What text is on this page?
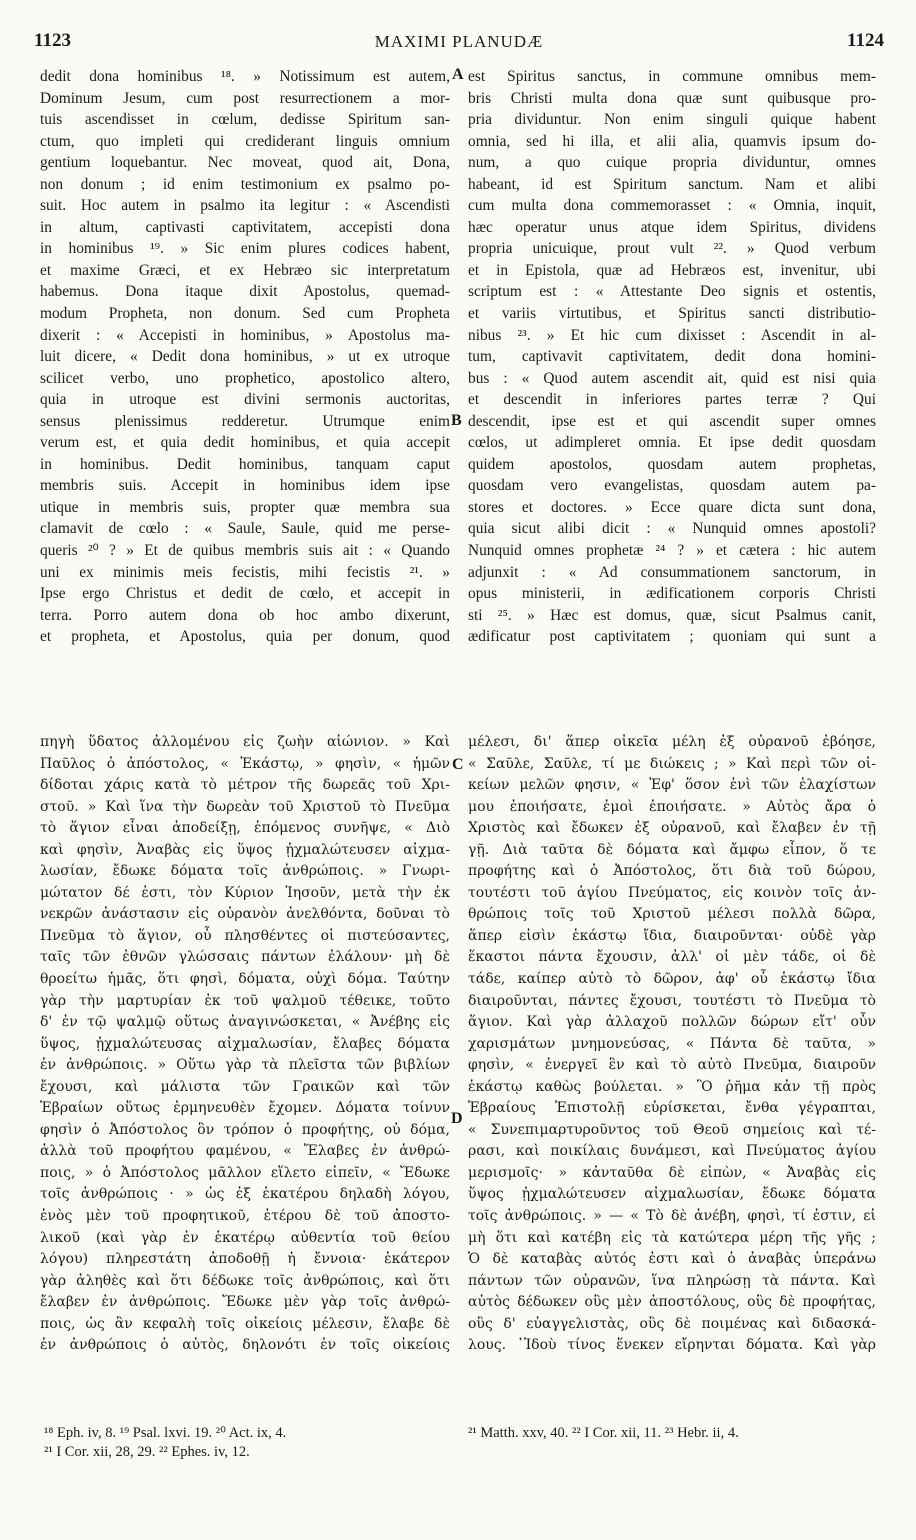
1123	MAXIMI PLANUDÆ	1124
dedit dona hominibus ¹⁸. » Notissimum est autem,
Dominum Jesum, cum post resurrectionem a mor-
tuis ascendisset in cœlum, dedisse Spiritum san-
ctum, quo impleti qui crediderant linguis omnium
gentium loquebantur. Nec moveat, quod ait, Dona,
non donum ; id enim testimonium ex psalmo po-
suit. Hoc autem in psalmo ita legitur : « Ascendisti
in altum, captivasti captivitatem, accepisti dona
in hominibus ¹⁹. » Sic enim plures codices habent,
et maxime Græci, et ex Hebræo sic interpretatum
habemus. Dona itaque dixit Apostolus, quemad-
modum Propheta, non donum. Sed cum Propheta
dixerit : « Accepisti in hominibus, » Apostolus ma-
luit dicere, « Dedit dona hominibus, » ut ex utroque
scilicet verbo, uno prophetico, apostolico altero,
quia in utroque est divini sermonis auctoritas,
sensus plenissimus redderetur. Utrumque enim
verum est, et quia dedit hominibus, et quia accepit
in hominibus. Dedit hominibus, tanquam caput
membris suis. Accepit in hominibus idem ipse
utique in membris suis, propter quæ membra sua
clamavit de cœlo : « Saule, Saule, quid me perse-
queris ²⁰ ? » Et de quibus membris suis ait : « Quando
uni ex minimis meis fecistis, mihi fecistis ²¹. »
Ipse ergo Christus et dedit de cœlo, et accepit in
terra. Porro autem dona ob hoc ambo dixerunt,
et propheta, et Apostolus, quia per donum, quod
est Spiritus sanctus, in commune omnibus mem-
bris Christi multa dona quæ sunt quibusque pro-
pria dividuntur. Non enim singuli quique habent
omnia, sed hi illa, et alii alia, quamvis ipsum do-
num, a quo cuique propria dividuntur, omnes
habeant, id est Spiritum sanctum. Nam et alibi
cum multa dona commemorasset : « Omnia, inquit,
hæc operatur unus atque idem Spiritus, dividens
propria unicuique, prout vult ²². » Quod verbum
et in Epistola, quæ ad Hebræos est, invenitur, ubi
scriptum est : « Attestante Deo signis et ostentis,
et variis virtutibus, et Spiritus sancti distributio-
nibus ²³. » Et hic cum dixisset : Ascendit in al-
tum, captivavit captivitatem, dedit dona homini-
bus : « Quod autem ascendit ait, quid est nisi quia
et descendit in inferiores partes terræ ? Qui
descendit, ipse est et qui ascendit super omnes
cœlos, ut adimpleret omnia. Et ipse dedit quosdam
quidem apostolos, quosdam autem prophetas,
quosdam vero evangelistas, quosdam autem pa-
stores et doctores. » Ecce quare dicta sunt dona,
quia sicut alibi dicit : « Nunquid omnes apostoli?
Nunquid omnes prophetæ ²⁴ ? » et cætera : hic autem
adjunxit : « Ad consummationem sanctorum, in
opus ministerii, in ædificationem corporis Christi
sti ²⁵. » Hæc est domus, quæ, sicut Psalmus canit,
ædificatur post captivitatem ; quoniam qui sunt a
A
B
C
D
πηγὴ ὕδατος ἀλλομένου εἰς ζωὴν αἰώνιον. » Καὶ
Παῦλος ὁ ἀπόστολος, « Ἑκάστῳ, » φησὶν, « ἡμῶν
δίδοται χάρις κατὰ τὸ μέτρον τῆς δωρεᾶς τοῦ Χρι-
στοῦ. » Καὶ ἵνα τὴν δωρεὰν τοῦ Χριστοῦ τὸ Πνεῦμα
τὸ ἅγιον εἶναι ἀποδείξῃ, ἑπόμενος συνῆψε, « Διὸ
καὶ φησὶν, Ἀναβὰς εἰς ὕψος ᾐχμαλώτευσεν αἰχμα-
λωσίαν, ἔδωκε δόματα τοῖς ἀνθρώποις. » Γνωρι-
μώτατον δέ ἐστι, τὸν Κύριον Ἰησοῦν, μετὰ τὴν ἐκ
νεκρῶν ἀνάστασιν εἰς οὐρανὸν ἀνελθόντα, δοῦναι τὸ
Πνεῦμα τὸ ἅγιον, οὗ πλησθέντες οἱ πιστεύσαντες,
ταῖς τῶν ἐθνῶν γλώσσαις πάντων ἐλάλουν· μὴ δὲ
θροείτω ἡμᾶς, ὅτι φησὶ, δόματα, οὐχὶ δόμα. Ταύτην
γὰρ τὴν μαρτυρίαν ἐκ τοῦ ψαλμοῦ τέθεικε, τοῦτο
δ' ἐν τῷ ψαλμῷ οὕτως ἀναγινώσκεται, « Ἀνέβης εἰς
ὕψος, ᾐχμαλώτευσας αἰχμαλωσίαν, ἔλαβες δόματα
ἐν ἀνθρώποις. » Οὕτω γὰρ τὰ πλεῖστα τῶν βιβλίων
ἔχουσι, καὶ μάλιστα τῶν Γραικῶν καὶ τῶν
Ἑβραίων οὕτως ἑρμηνευθὲν ἔχομεν. Δόματα τοίνυν
φησὶν ὁ Ἀπόστολος ὃν τρόπον ὁ προφήτης, οὐ δόμα,
ἀλλὰ τοῦ προφήτου φαμένου, « Ἔλαβες ἐν ἀνθρώ-
ποις, » ὁ Ἀπόστολος μᾶλλον εἵλετο εἰπεῖν, « Ἔδωκε
τοῖς ἀνθρώποις · » ὡς ἐξ ἑκατέρου δηλαδὴ λόγου,
ἑνὸς μὲν τοῦ προφητικοῦ, ἑτέρου δὲ τοῦ ἀποστο-
λικοῦ (καὶ γὰρ ἐν ἑκατέρῳ αὐθεντία τοῦ θείου
λόγου) πληρεστάτη ἀποδοθῇ ἡ ἔννοια· ἑκάτερον
γὰρ ἀληθὲς καὶ ὅτι δέδωκε τοῖς ἀνθρώποις, καὶ ὅτι
ἔλαβεν ἐν ἀνθρώποις. Ἔδωκε μὲν γὰρ τοῖς ἀνθρώ-
ποις, ὡς ἂν κεφαλὴ τοῖς οἰκείοις μέλεσιν, ἔλαβε δὲ
ἐν ἀνθρώποις ὁ αὐτὸς, δηλονότι ἐν τοῖς οἰκείοις
μέλεσι, δι' ἅπερ οἰκεῖα μέλη ἐξ οὐρανοῦ ἐβόησε,
« Σαῦλε, Σαῦλε, τί με διώκεις ; » Καὶ περὶ τῶν οἰ-
κείων μελῶν φησιν, « Ἐφ' ὅσον ἑνὶ τῶν ἐλαχίστων
μου ἐποιήσατε, ἐμοὶ ἐποιήσατε. » Αὐτὸς ἄρα ὁ
Χριστὸς καὶ ἔδωκεν ἐξ οὐρανοῦ, καὶ ἔλαβεν ἐν τῇ
γῇ. Διὰ ταῦτα δὲ δόματα καὶ ἄμφω εἶπον, ὅ τε
προφήτης καὶ ὁ Ἀπόστολος, ὅτι διὰ τοῦ δώρου,
τουτέστι τοῦ ἁγίου Πνεύματος, εἰς κοινὸν τοῖς ἀν-
θρώποις τοῖς τοῦ Χριστοῦ μέλεσι πολλὰ δῶρα,
ἅπερ εἰσὶν ἑκάστῳ ἴδια, διαιροῦνται· οὐδὲ γὰρ
ἕκαστοι πάντα ἔχουσιν, ἀλλ' οἱ μὲν τάδε, οἱ δὲ
τάδε, καίπερ αὐτὸ τὸ δῶρον, ἀφ' οὗ ἑκάστῳ ἴδια
διαιροῦνται, πάντες ἔχουσι, τουτέστι τὸ Πνεῦμα τὸ
ἅγιον. Καὶ γὰρ ἀλλαχοῦ πολλῶν δώρων εἴτ' οὖν
χαρισμάτων μνημονεύσας, « Πάντα δὲ ταῦτα, »
φησὶν, « ἐνεργεῖ ἓν καὶ τὸ αὐτὸ Πνεῦμα, διαιροῦν
ἑκάστῳ καθὼς βούλεται. » Ὃ ῥῆμα κἀν τῇ πρὸς
Ἑβραίους Ἐπιστολῇ εὑρίσκεται, ἔνθα γέγραπται,
« Συνεπιμαρτυροῦντος τοῦ Θεοῦ σημείοις καὶ τέ-
ρασι, καὶ ποικίλαις δυνάμεσι, καὶ Πνεύματος ἁγίου
μερισμοῖς· » κἀνταῦθα δὲ εἰπὼν, « Ἀναβὰς εἰς
ὕψος ᾐχμαλώτευσεν αἰχμαλωσίαν, ἔδωκε δόματα
τοῖς ἀνθρώποις. » — « Τὸ δὲ ἀνέβη, φησὶ, τί ἐστιν, εἰ
μὴ ὅτι καὶ κατέβη εἰς τὰ κατώτερα μέρη τῆς γῆς ;
Ὁ δὲ καταβὰς αὐτός ἐστι καὶ ὁ ἀναβὰς ὑπεράνω
πάντων τῶν οὐρανῶν, ἵνα πληρώσῃ τὰ πάντα. Καὶ
αὐτὸς δέδωκεν οὓς μὲν ἀποστόλους, οὓς δὲ προφήτας,
οὓς δ' εὐαγγελιστὰς, οὓς δὲ ποιμένας καὶ διδασκά-
λους. ᾿Ἰδοὺ τίνος ἕνεκεν εἴρηνται δόματα. Καὶ γὰρ
¹⁸ Eph. iv, 8. ¹⁹ Psal. lxvi. 19. ²⁰ Act. ix, 4.
²¹ I Cor. xii, 28, 29. ²² Ephes. iv, 12.
²¹ Matth. xxv, 40. ²² I Cor. xii, 11. ²³ Hebr. ii, 4.
